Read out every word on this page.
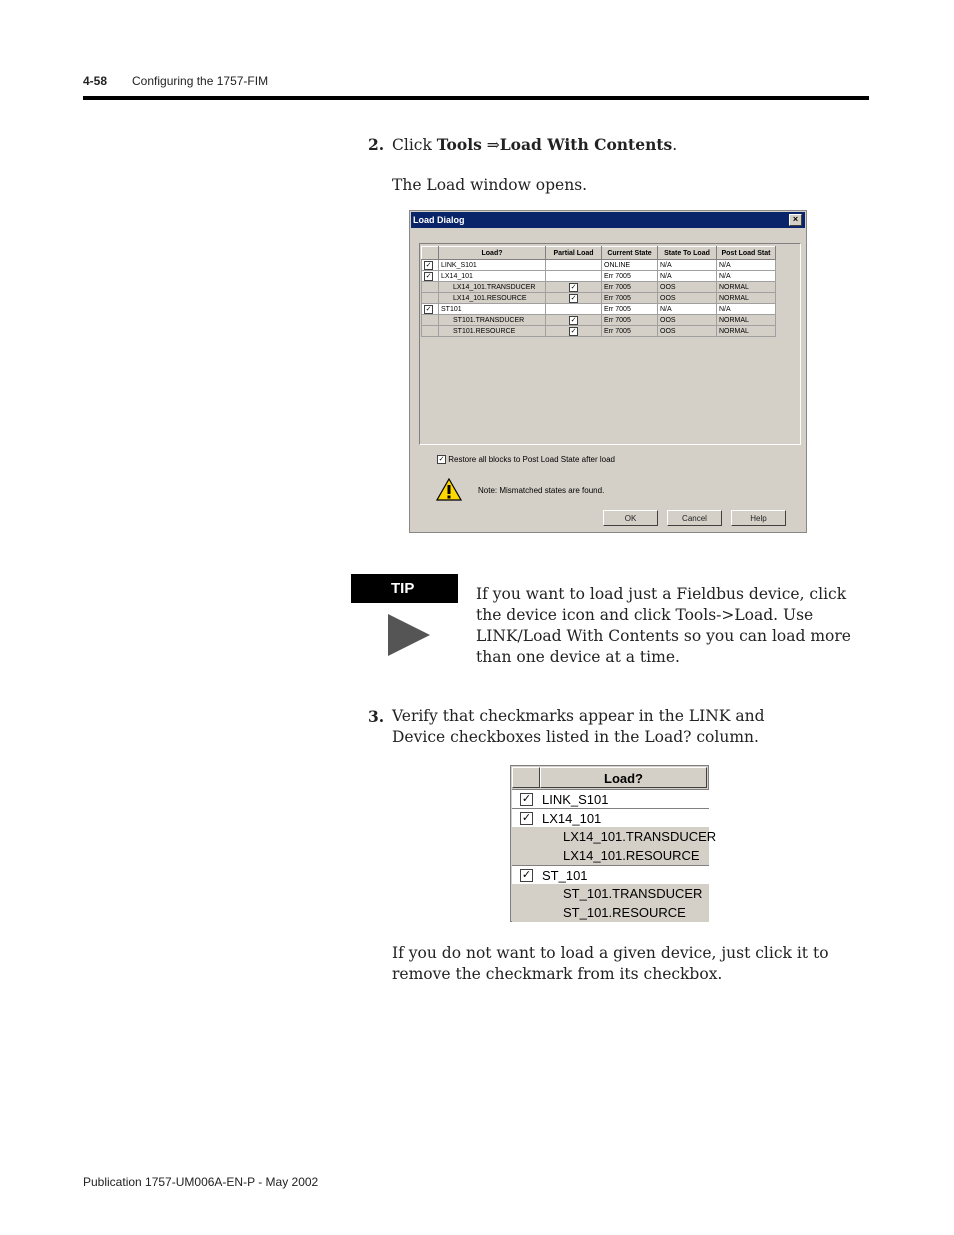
4-58 Configuring the 1757-FIM
2. Click Tools ⇒Load With Contents.
The Load window opens.
Load Dialog	×
	Load?	Partial Load	Current State	State To Load	Post Load Stat
✓	LINK_S101		ONLINE	N/A	N/A
✓	LX14_101		Err 7005	N/A	N/A
	LX14_101.TRANSDUCER	✓	Err 7005	OOS	NORMAL
	LX14_101.RESOURCE	✓	Err 7005	OOS	NORMAL
✓	ST101		Err 7005	N/A	N/A
	ST101.TRANSDUCER	✓	Err 7005	OOS	NORMAL
	ST101.RESOURCE	✓	Err 7005	OOS	NORMAL
✓ Restore all blocks to Post Load State after load
Note: Mismatched states are found.
OK	Cancel	Help
TIP	If you want to load just a Fieldbus device, click the device icon and click Tools->Load. Use LINK/Load With Contents so you can load more than one device at a time.
3. Verify that checkmarks appear in the LINK and Device checkboxes listed in the Load? column.
Load?
✓ LINK_S101
✓ LX14_101
LX14_101.TRANSDUCER
LX14_101.RESOURCE
✓ ST_101
ST_101.TRANSDUCER
ST_101.RESOURCE
If you do not want to load a given device, just click it to remove the checkmark from its checkbox.
Publication 1757-UM006A-EN-P - May 2002
